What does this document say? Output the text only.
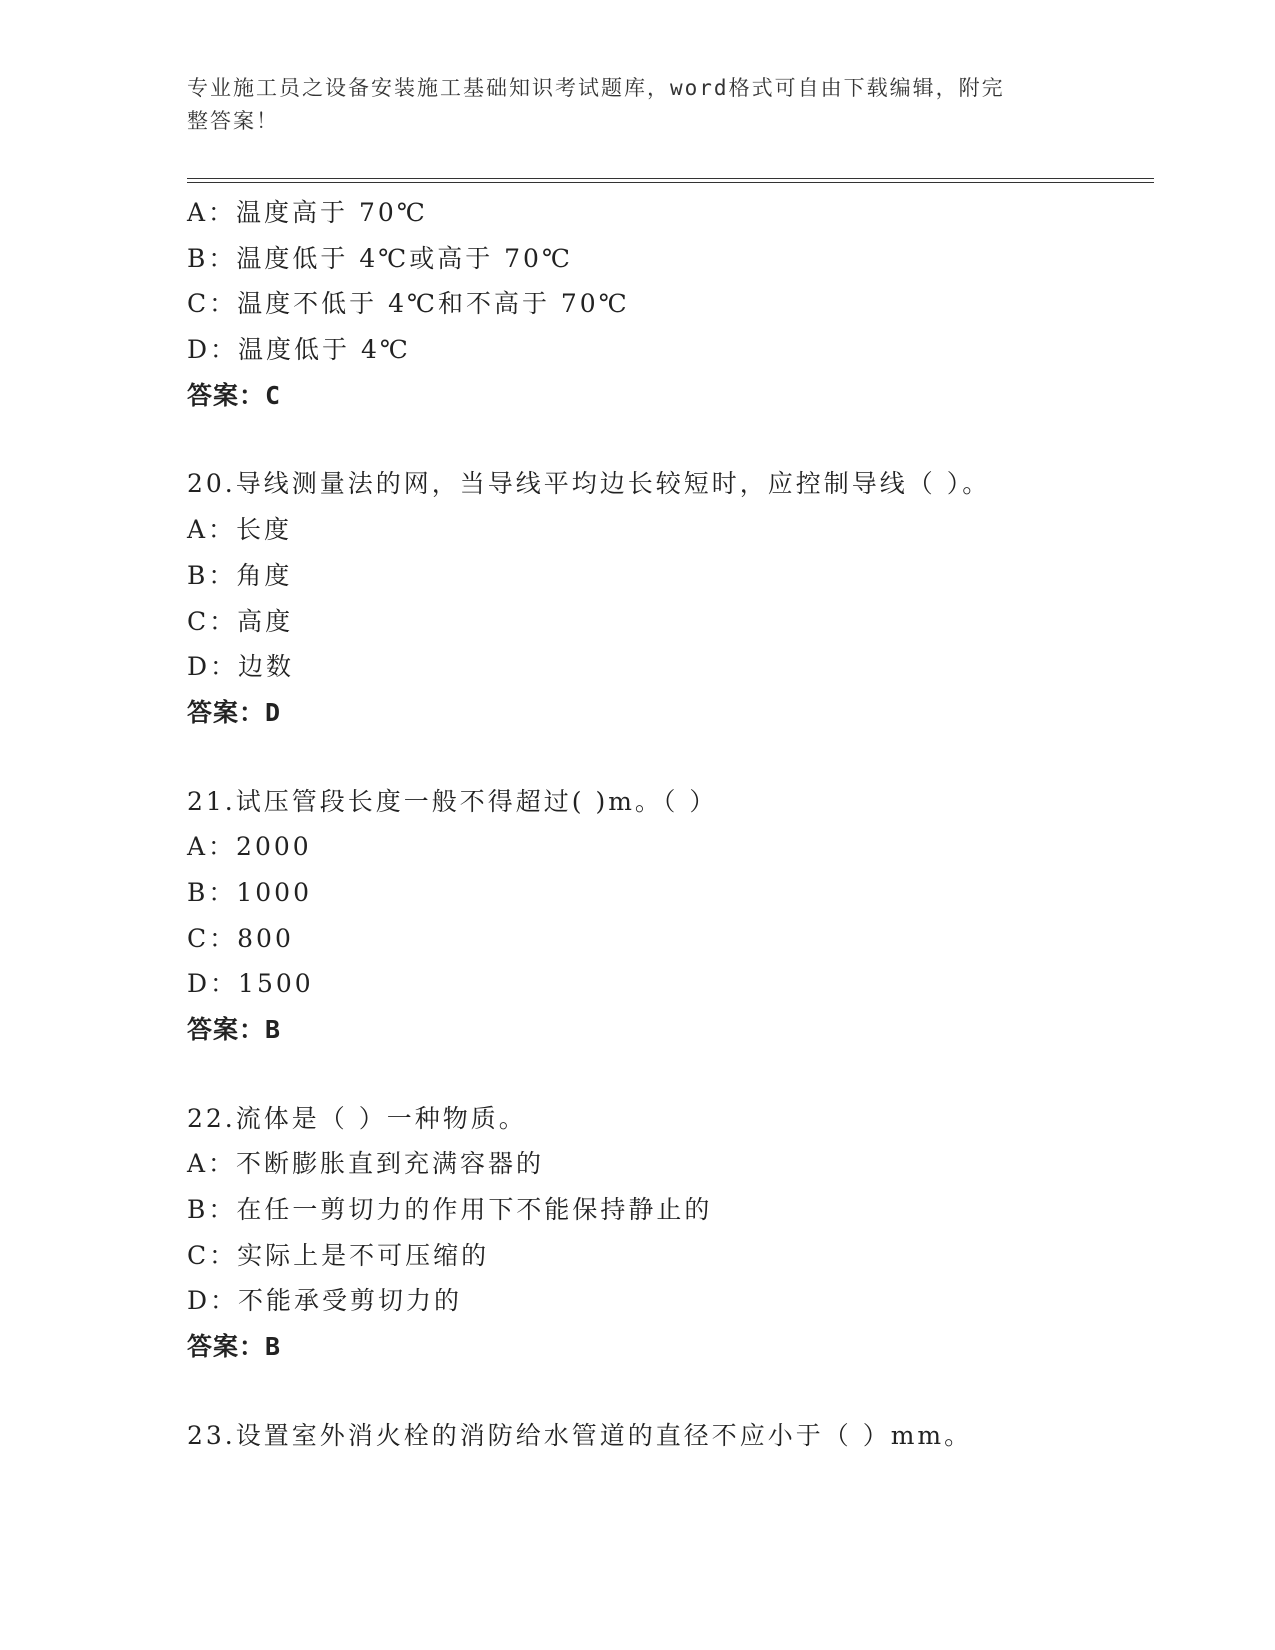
专业施工员之设备安装施工基础知识考试题库，word格式可自由下载编辑，附完
整答案！
A：温度高于 70℃
B：温度低于 4℃或高于 70℃
C：温度不低于 4℃和不高于 70℃
D：温度低于 4℃
答案：C
20.导线测量法的网，当导线平均边长较短时，应控制导线（ ）。
A：长度
B：角度
C：高度
D：边数
答案：D
21.试压管段长度一般不得超过( )m。（ ）
A：2000
B：1000
C：800
D：1500
答案：B
22.流体是（ ）一种物质。
A：不断膨胀直到充满容器的
B：在任一剪切力的作用下不能保持静止的
C：实际上是不可压缩的
D：不能承受剪切力的
答案：B
23.设置室外消火栓的消防给水管道的直径不应小于（ ）mm。
